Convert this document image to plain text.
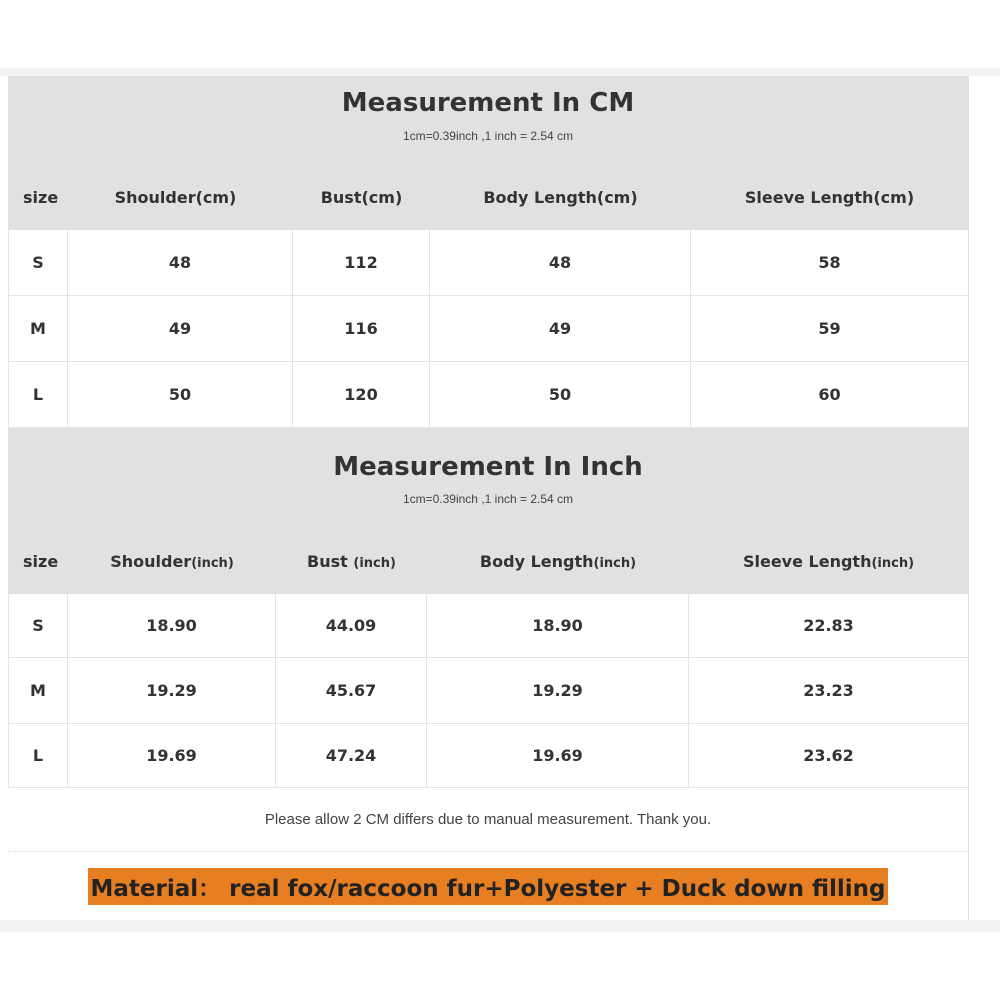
Measurement In CM
1cm=0.39inch ,1 inch = 2.54 cm
size	Shoulder(cm)	Bust(cm)	Body Length(cm)	Sleeve Length(cm)
S	48	112	48	58
M	49	116	49	59
L	50	120	50	60
Measurement In Inch
1cm=0.39inch ,1 inch = 2.54 cm
size	Shoulder(inch)	Bust (inch)	Body Length(inch)	Sleeve Length(inch)
S	18.90	44.09	18.90	22.83
M	19.29	45.67	19.29	23.23
L	19.69	47.24	19.69	23.62
Please allow 2 CM differs due to manual measurement. Thank you.
Material： real fox/raccoon fur+Polyester + Duck down filling
